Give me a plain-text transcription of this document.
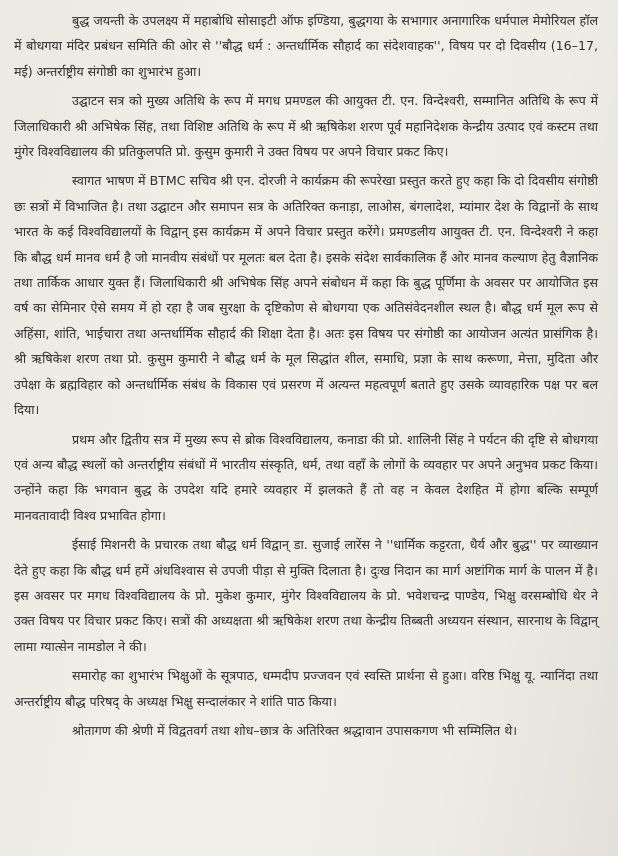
बुद्ध जयन्ती के उपलक्ष्य में महाबोधि सोसाइटी ऑफ इण्डिया, बुद्धगया के सभागार अनागारिक धर्मपाल मेमोरियल हॉल में बोधगया मंदिर प्रबंधन समिति की ओर से ''बौद्ध धर्म : अन्तर्धार्मिक सौहार्द का संदेशवाहक'', विषय पर दो दिवसीय (16–17, मई) अन्तर्राष्ट्रीय संगोष्ठी का शुभारंभ हुआ।

उद्घाटन सत्र को मुख्य अतिथि के रूप में मगध प्रमण्डल की आयुक्त टी. एन. विन्देश्वरी, सम्मानित अतिथि के रूप में जिलाधिकारी श्री अभिषेक सिंह, तथा विशिष्ट अतिथि के रूप में श्री ऋषिकेश शरण पूर्व महानिदेशक केन्द्रीय उत्पाद एवं कस्टम तथा मुंगेर विश्वविद्यालय की प्रतिकुलपति प्रो. कुसुम कुमारी ने उक्त विषय पर अपने विचार प्रकट किए।

स्वागत भाषण में BTMC सचिव श्री एन. दोरजी ने कार्यक्रम की रूपरेखा प्रस्तुत करते हुए कहा कि दो दिवसीय संगोष्ठी छः सत्रों में विभाजित है। तथा उद्घाटन और समापन सत्र के अतिरिक्त कनाड़ा, लाओस, बंगलादेश, म्यांमार देश के विद्वानों के साथ भारत के कई विश्वविद्यालयों के विद्वान् इस कार्यक्रम में अपने विचार प्रस्तुत करेंगे। प्रमण्डलीय आयुक्त टी. एन. विन्देश्वरी ने कहा कि बौद्ध धर्म मानव धर्म है जो मानवीय संबंधों पर मूलतः बल देता है। इसके संदेश सार्वकालिक हैं ओर मानव कल्याण हेतु वैज्ञानिक तथा तार्किक आधार युक्त हैं। जिलाधिकारी श्री अभिषेक सिंह अपने संबोधन में कहा कि बुद्ध पूर्णिमा के अवसर पर आयोजित इस वर्ष का सेमिनार ऐसे समय में हो रहा है जब सुरक्षा के दृष्टिकोण से बोधगया एक अतिसंवेदनशील स्थल है। बौद्ध धर्म मूल रूप से अहिंसा, शांति, भाईचारा तथा अन्तर्धार्मिक सौहार्द की शिक्षा देता है। अतः इस विषय पर संगोष्ठी का आयोजन अत्यंत प्रासंगिक है। श्री ऋषिकेश शरण तथा प्रो. कुसुम कुमारी ने बौद्ध धर्म के मूल सिद्धांत शील, समाधि, प्रज्ञा के साथ करूणा, मेत्ता, मुदिता और उपेक्षा के ब्रह्मविहार को अन्तर्धार्मिक संबंध के विकास एवं प्रसरण में अत्यन्त महत्वपूर्ण बताते हुए उसके व्यावहारिक पक्ष पर बल दिया।

प्रथम और द्वितीय सत्र में मुख्य रूप से ब्रोक विश्वविद्यालय, कनाडा की प्रो. शालिनी सिंह ने पर्यटन की दृष्टि से बोधगया एवं अन्य बौद्ध स्थलों को अन्तर्राष्ट्रीय संबंधों में भारतीय संस्कृति, धर्म, तथा वहाँ के लोगों के व्यवहार पर अपने अनुभव प्रकट किया। उन्होंने कहा कि भगवान बुद्ध के उपदेश यदि हमारे व्यवहार में झलकते हैं तो वह न केवल देशहित में होगा बल्कि सम्पूर्ण मानवतावादी विश्व प्रभावित होगा।

ईसाई मिशनरी के प्रचारक तथा बौद्ध धर्म विद्वान् डा. सुजाई लारेंस ने ''धार्मिक कट्टरता, धैर्य और बुद्ध'' पर व्याख्यान देते हुए कहा कि बौद्ध धर्म हमें अंधविश्वास से उपजी पीड़ा से मुक्ति दिलाता है। दुःख निदान का मार्ग अष्टांगिक मार्ग के पालन में है। इस अवसर पर मगध विश्वविद्यालय के प्रो. मुकेश कुमार, मुंगेर विश्वविद्यालय के प्रो. भवेशचन्द्र पाण्डेय, भिक्षु वरसम्बोधि थेर ने उक्त विषय पर विचार प्रकट किए। सत्रों की अध्यक्षता श्री ऋषिकेश शरण तथा केन्द्रीय तिब्बती अध्ययन संस्थान, सारनाथ के विद्वान् लामा ग्यात्सेन नामडोल ने की।

समारोह का शुभारंभ भिक्षुओं के सूत्रपाठ, धम्मदीप प्रज्जवन एवं स्वस्ति प्रार्थना से हुआ। वरिष्ठ भिक्षु यू. न्यानिंदा तथा अन्तर्राष्ट्रीय बौद्ध परिषद् के अध्यक्ष भिक्षु सन्दालंकार ने शांति पाठ किया।

श्रोतागण की श्रेणी में विद्वतवर्ग तथा शोध–छात्र के अतिरिक्त श्रद्धावान उपासकगण भी सम्मिलित थे।
